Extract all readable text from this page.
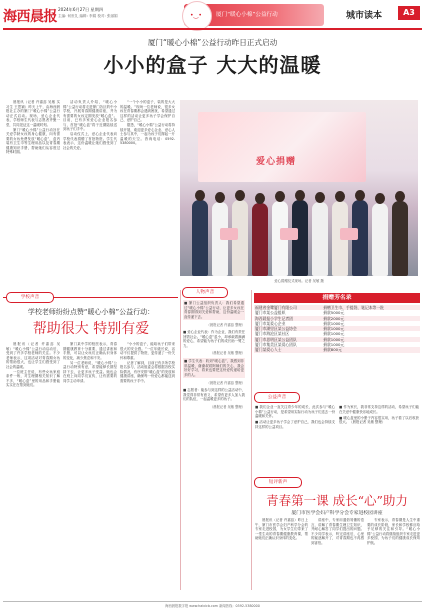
海西晨报 2024年6月27日 星期四
主编: 何世礼 编辑: 李娟 校对: 张丽娟	•‿•	厦门“暖心小棉”公益行动	城市读本	A3
厦门“暖心小棉”公益行动昨日正式启动
小小的盒子 大大的温暖

晨报讯（记者 许嘉蕊 吴敏 实习生 王思颖）昨天上午，由海西晨报社主办的厦门“暖心小棉”公益行动正式启动。现场，爱心企业代表、学校师生代表与志愿者齐聚一堂，共同见证这一温暖时刻。

厦门“暖心小棉”公益行动旨在关爱学龄女孩的身心健康，向有需要的女孩免费发放“暖心盒”，盒内装有卫生巾等生理用品以及青春期健康知识手册，帮助她们从容度过特殊时期。

活动负责人介绍，“暖心小棉”公益行动将走进厦门各区的中小学校，开展青春期健康讲座，并为有需要的女孩定期发放“暖心盒”。目前，已有多家爱心企业报名参与，首批“暖心盒”将于近期陆续送到孩子们手中。

启动仪式上，爱心企业代表向学校代表捐赠了首批物资。学生代表表示，这份温暖让她们感受到了社会的关爱。

“一个小小的盒子，装的是大大的温暖。”现场一位老师说，很多女孩在青春期都会遇到困扰，希望通过这样的活动让更多孩子学会保护自己、爱护自己。

据悉，“暖心小棉”公益行动将持续开展，欢迎更多爱心企业、爱心人士参与其中，一起为孩子们撑起一片温暖的天空。咨询电话：0592-5380000。

爱心捐赠
爱心捐赠仪式现场。记者 吴敏 摄
学校声音
学校老师纷纷点赞“暖心小棉”公益行动：
帮助很大 特别有爱

晨报讯（记者 许嘉蕊 吴敏）“暖心小棉”公益行动启动后，受到了许多学校老师的关注。不少老师表示，这项活动对青春期女孩的帮助很大，也让学生们感受到了社会的温暖。

一位班主任说，有些女孩家庭条件一般，对生理期相关知识了解不多，“暖心盒”里的用品和手册能实实在在帮到她们。

厦门某中学的校医表示，青春期健康教育十分重要，通过讲座和手册，可以让女孩们正确认识身体的变化，减少焦虑和不安。

另一位老师说，“暖心小棉”公益行动特别有爱，希望能够长期坚持下去，让更多孩子受益。她也会在班上向同学们宣传，让有需要的同学主动申请。

“小小的盒子，能给孩子们带来很大的安全感。”一位年级长说，活动不仅提供了物资，更传递了一份关怀和尊重。

记者了解到，目前已有多所学校报名参与，活动组委会将根据各校实际情况，有序安排“暖心盒”的发放和健康讲座，确保每一份爱心都能送到需要的孩子手中。

人物声音
■ 厦门公益组织负责人：我们希望通过“暖心小棉”公益行动，让更多女孩在青春期得到关爱和帮助，这份温暖会一直传递下去。
（晨报记者 许嘉蕊 整理）
■ 爱心企业代表：作为企业，我们有责任回馈社会。“暖心盒”虽小，却承载着满满的爱心，希望能为孩子们的成长助一臂之力。
（晨报记者 吴敏 整理）
■ 学生代表：收到“暖心盒”，我感到非常温暖，谢谢叔叔阿姨们的关心，我会好好学习，将来也要把这份爱传递给更多的人。
（晨报记者 许嘉蕊 整理）
■ 志愿者：能参与到这样的公益活动中，我觉得非常有意义，希望有更多人加入我们的队伍，一起温暖更多的孩子。
（晨报记者 吴敏 整理）
捐赠芳名录
福建省金鹭厦门有限公司	捐赠卫生巾、手提袋、笔记本等一批
厦门市某公益组织	捐款5000元
海西晨报小学生记者团	捐款2000元
厦门市某爱心企业	捐款1000元
厦门市湖里区某公益协会	捐款1000元
厦门市海沧区某社区	捐款1000元
厦门市思明区某公益团队	捐款1000元
厦门市集美区某爱心团队	捐款1000元
厦门某爱心人士	捐款800元
公益声音
■ 我们企业一直关注青少年的成长，此次参与“暖心小棉”公益行动，是希望用实际行动为孩子们送去一份温暖和关怀。
■ 活动让更多孩子学会了爱护自己，我们也会持续支持这样的公益项目。
■ 作为家长，我非常支持这样的活动，希望孩子们能在关爱中健康快乐地成长。
■ 暖心盒里的小册子内容很实用，孩子看了以后收获很大。（晨报记者 吴敏 整理）
短评新声
青春第一课 成长“心”助力
厦门市医学会妇产科学分会专家进校园讲座

晨报讯（记者 许嘉蕊）昨日上午，厦门市医学会妇产科学分会的专家走进校园，为女学生们带来了一堂生动的青春期健康教育课，帮助她们正确认识身体的变化。

讲座中，专家用通俗易懂的语言，讲解了青春期生理卫生知识，并耐心解答了同学们提出的问题。不少同学表示，听完讲座后，心里的疑惑解开了，对青春期也不再感到害怕。

专家表示，青春期是人生中重要的成长阶段，家长和学校都应给予足够的关注和引导。“暖心小棉”公益行动将继续组织专家走进更多校园，为孩子们的健康成长保驾护航。

海西晨报数字报 www.haixicb.com 新闻热线：0592-5380000
